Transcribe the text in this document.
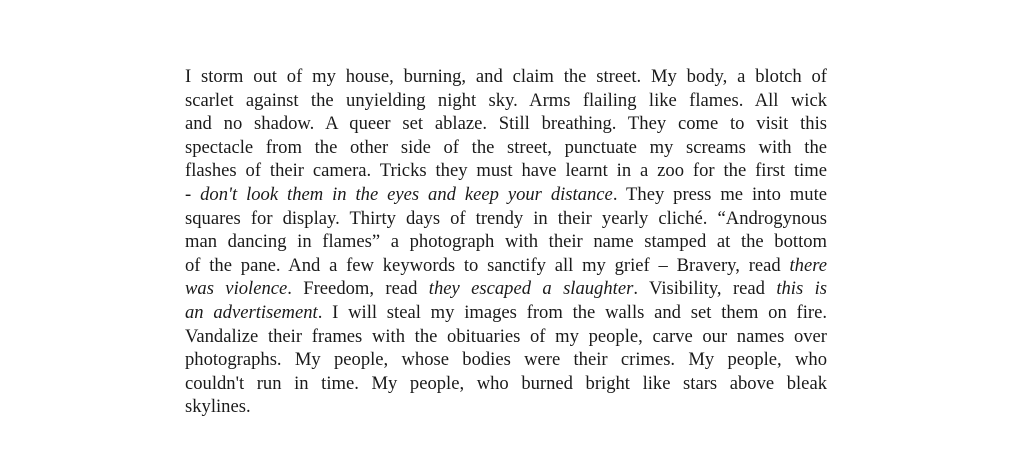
I storm out of my house, burning, and claim the street. My body, a blotch of
scarlet against the unyielding night sky. Arms flailing like flames. All wick
and no shadow. A queer set ablaze. Still breathing. They come to visit this
spectacle from the other side of the street, punctuate my screams with the
flashes of their camera. Tricks they must have learnt in a zoo for the first time
- don't look them in the eyes and keep your distance. They press me into mute
squares for display. Thirty days of trendy in their yearly cliché. “Androgynous
man dancing in flames” a photograph with their name stamped at the bottom
of the pane. And a few keywords to sanctify all my grief – Bravery, read there
was violence. Freedom, read they escaped a slaughter. Visibility, read this is
an advertisement. I will steal my images from the walls and set them on fire.
Vandalize their frames with the obituaries of my people, carve our names over
photographs. My people, whose bodies were their crimes. My people, who
couldn't run in time. My people, who burned bright like stars above bleak
skylines.
